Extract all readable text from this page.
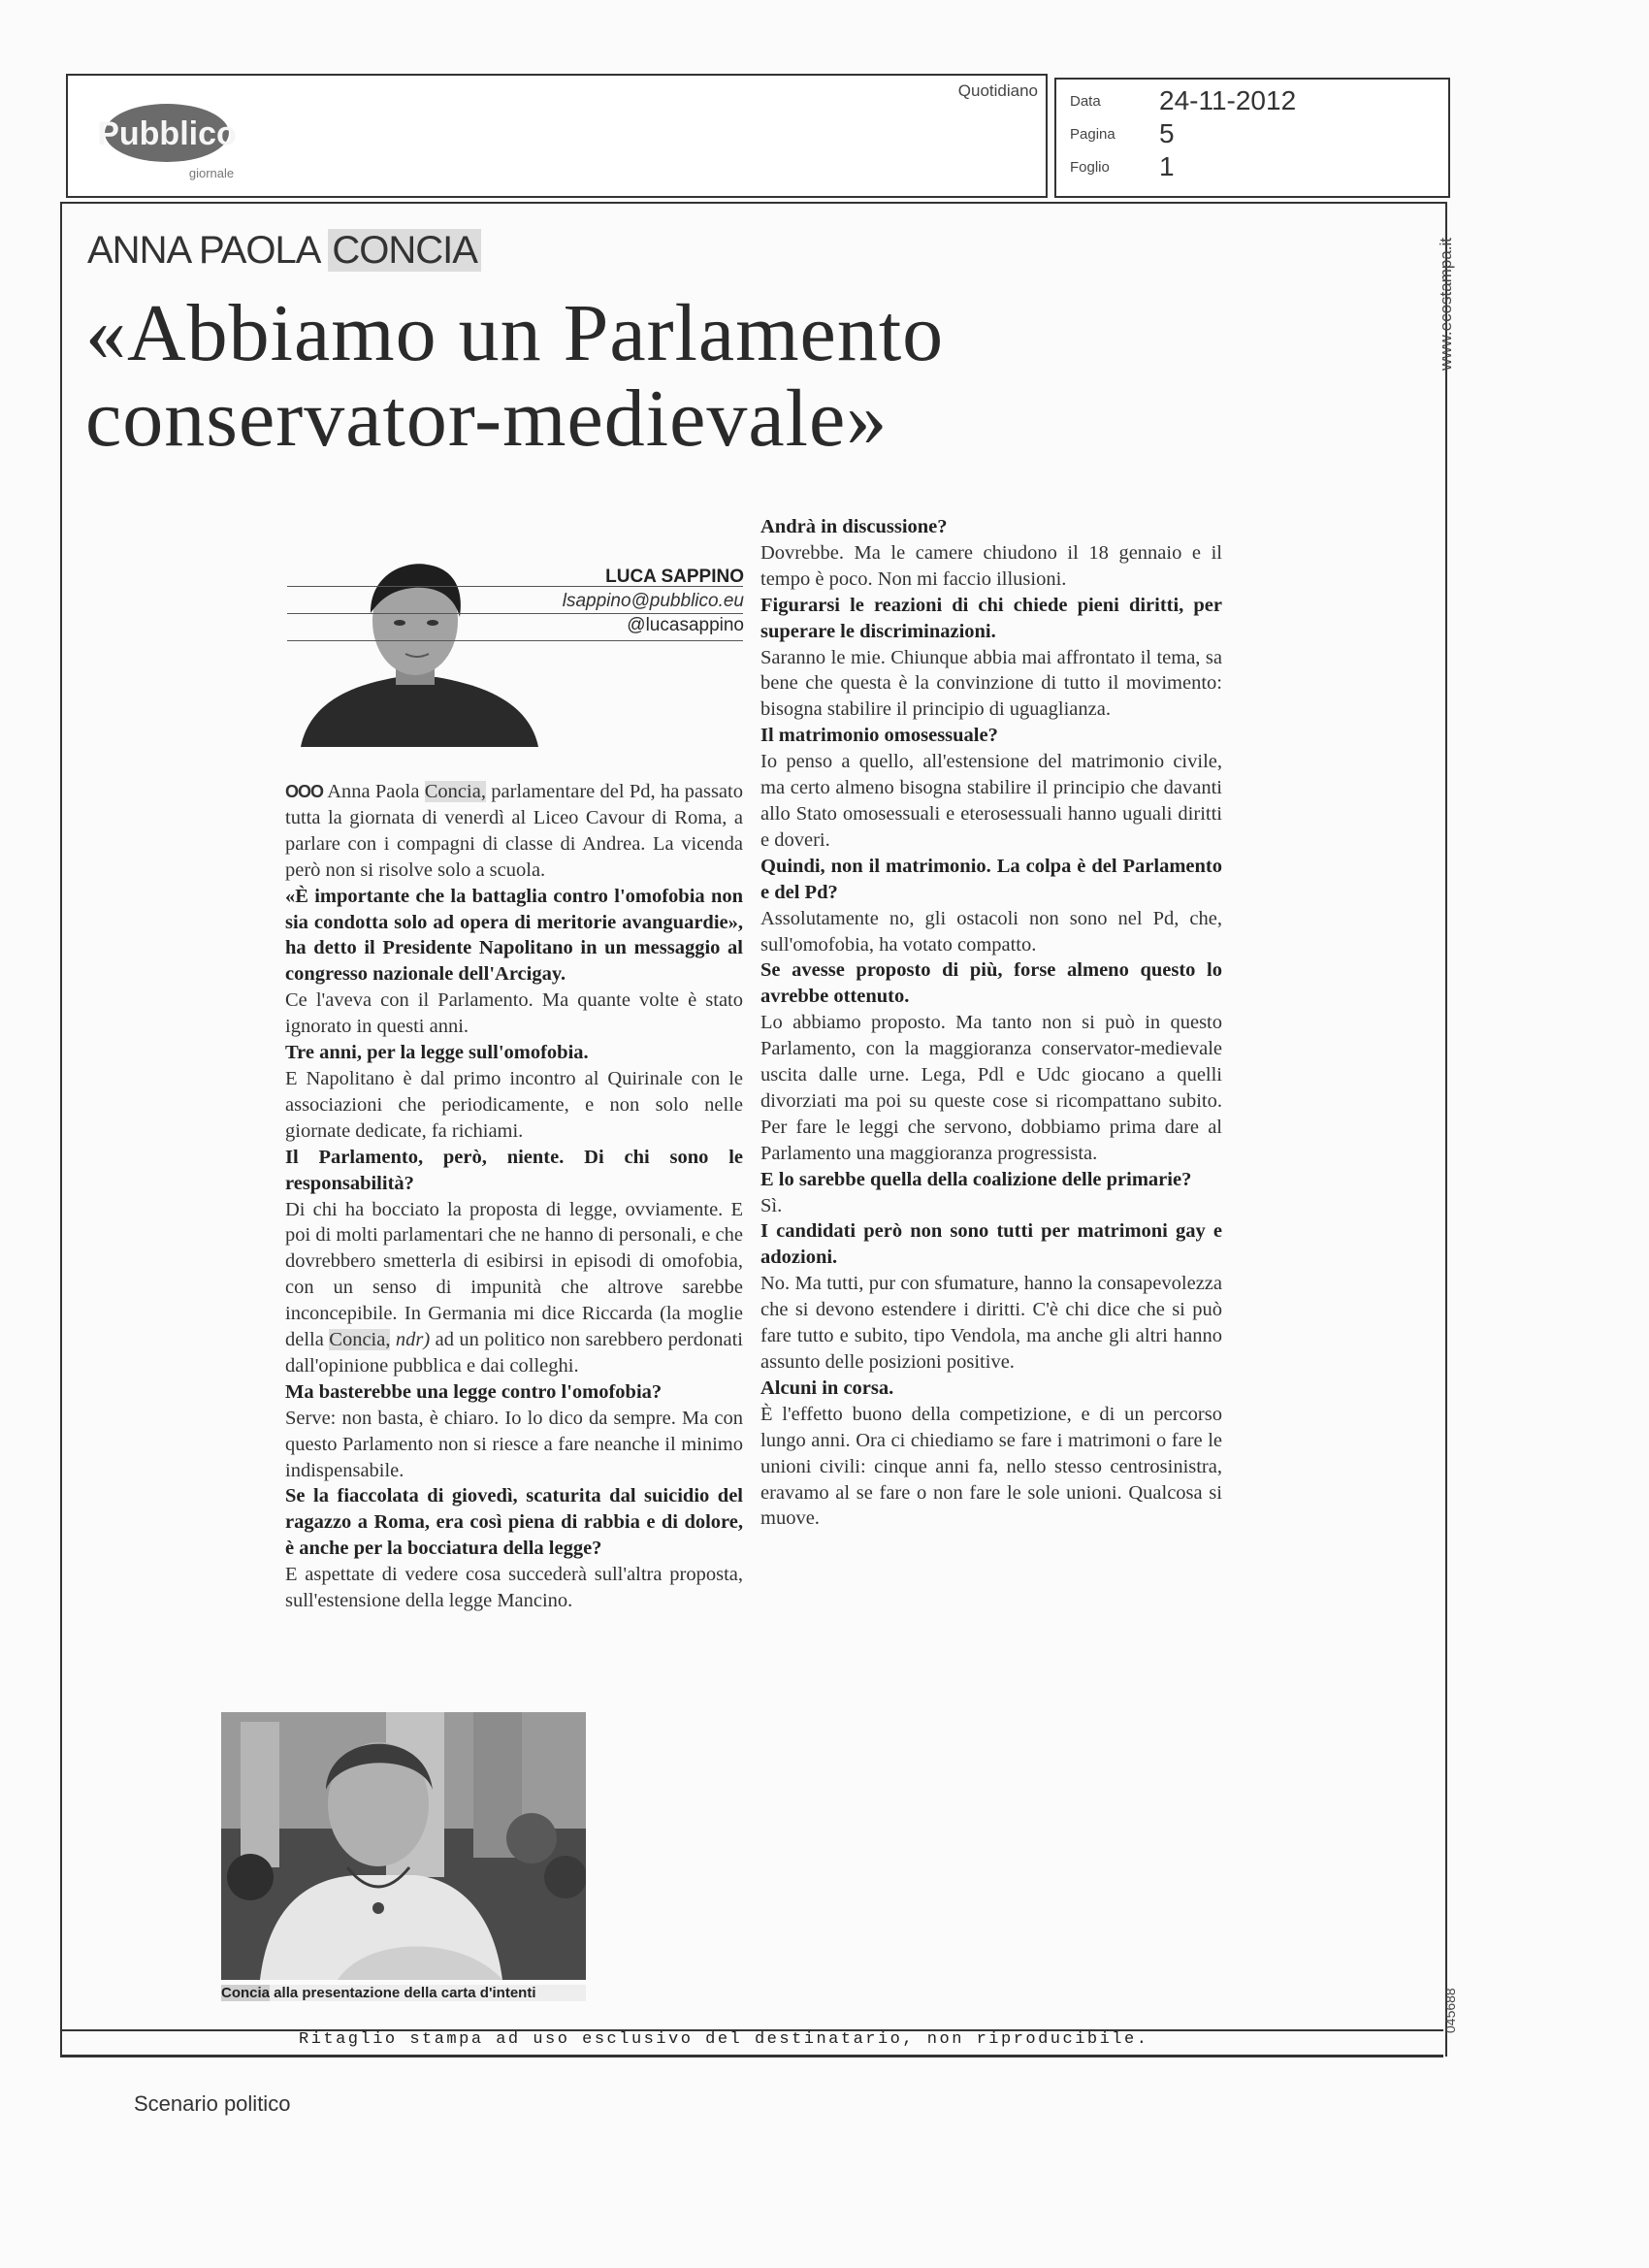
Quotidiano
Pubblico
giornale
Data 24-11-2012
Pagina 5
Foglio 1
www.ecostampa.it
ANNA PAOLA CONCIA
«Abbiamo un Parlamento
conservator-medievale»
LUCA SAPPINO
lsappino@pubblico.eu
@lucasappino

OOO Anna Paola Concia, parlamentare del Pd, ha passato tutta la giornata di venerdì al Liceo Cavour di Roma, a parlare con i compagni di classe di Andrea. La vicenda però non si risolve solo a scuola.

«È importante che la battaglia contro l'omofobia non sia condotta solo ad opera di meritorie avanguardie», ha detto il Presidente Napolitano in un messaggio al congresso nazionale dell'Arcigay.

Ce l'aveva con il Parlamento. Ma quante volte è stato ignorato in questi anni.

Tre anni, per la legge sull'omofobia.

E Napolitano è dal primo incontro al Quirinale con le associazioni che periodicamente, e non solo nelle giornate dedicate, fa richiami.

Il Parlamento, però, niente. Di chi sono le responsabilità?

Di chi ha bocciato la proposta di legge, ovviamente. E poi di molti parlamentari che ne hanno di personali, e che dovrebbero smetterla di esibirsi in episodi di omofobia, con un senso di impunità che altrove sarebbe inconcepibile. In Germania mi dice Riccarda (la moglie della Concia, ndr) ad un politico non sarebbero perdonati dall'opinione pubblica e dai colleghi.

Ma basterebbe una legge contro l'omofobia?

Serve: non basta, è chiaro. Io lo dico da sempre. Ma con questo Parlamento non si riesce a fare neanche il minimo indispensabile.

Se la fiaccolata di giovedì, scaturita dal suicidio del ragazzo a Roma, era così piena di rabbia e di dolore, è anche per la bocciatura della legge?

E aspettate di vedere cosa succederà sull'altra proposta, sull'estensione della legge Mancino.

Andrà in discussione?

Dovrebbe. Ma le camere chiudono il 18 gennaio e il tempo è poco. Non mi faccio illusioni.

Figurarsi le reazioni di chi chiede pieni diritti, per superare le discriminazioni.

Saranno le mie. Chiunque abbia mai affrontato il tema, sa bene che questa è la convinzione di tutto il movimento: bisogna stabilire il principio di uguaglianza.

Il matrimonio omosessuale?

Io penso a quello, all'estensione del matrimonio civile, ma certo almeno bisogna stabilire il principio che davanti allo Stato omosessuali e eterosessuali hanno uguali diritti e doveri.

Quindi, non il matrimonio. La colpa è del Parlamento e del Pd?

Assolutamente no, gli ostacoli non sono nel Pd, che, sull'omofobia, ha votato compatto.

Se avesse proposto di più, forse almeno questo lo avrebbe ottenuto.

Lo abbiamo proposto. Ma tanto non si può in questo Parlamento, con la maggioranza conservator-medievale uscita dalle urne. Lega, Pdl e Udc giocano a quelli divorziati ma poi su queste cose si ricompattano subito. Per fare le leggi che servono, dobbiamo prima dare al Parlamento una maggioranza progressista.

E lo sarebbe quella della coalizione delle primarie?

Sì.

I candidati però non sono tutti per matrimoni gay e adozioni.

No. Ma tutti, pur con sfumature, hanno la consapevolezza che si devono estendere i diritti. C'è chi dice che si può fare tutto e subito, tipo Vendola, ma anche gli altri hanno assunto delle posizioni positive.

Alcuni in corsa.

È l'effetto buono della competizione, e di un percorso lungo anni. Ora ci chiediamo se fare i matrimoni o fare le unioni civili: cinque anni fa, nello stesso centrosinistra, eravamo al se fare o non fare le sole unioni. Qualcosa si muove.

Concia alla presentazione della carta d'intenti	045688
Ritaglio stampa ad uso esclusivo del destinatario, non riproducibile.
Scenario politico
